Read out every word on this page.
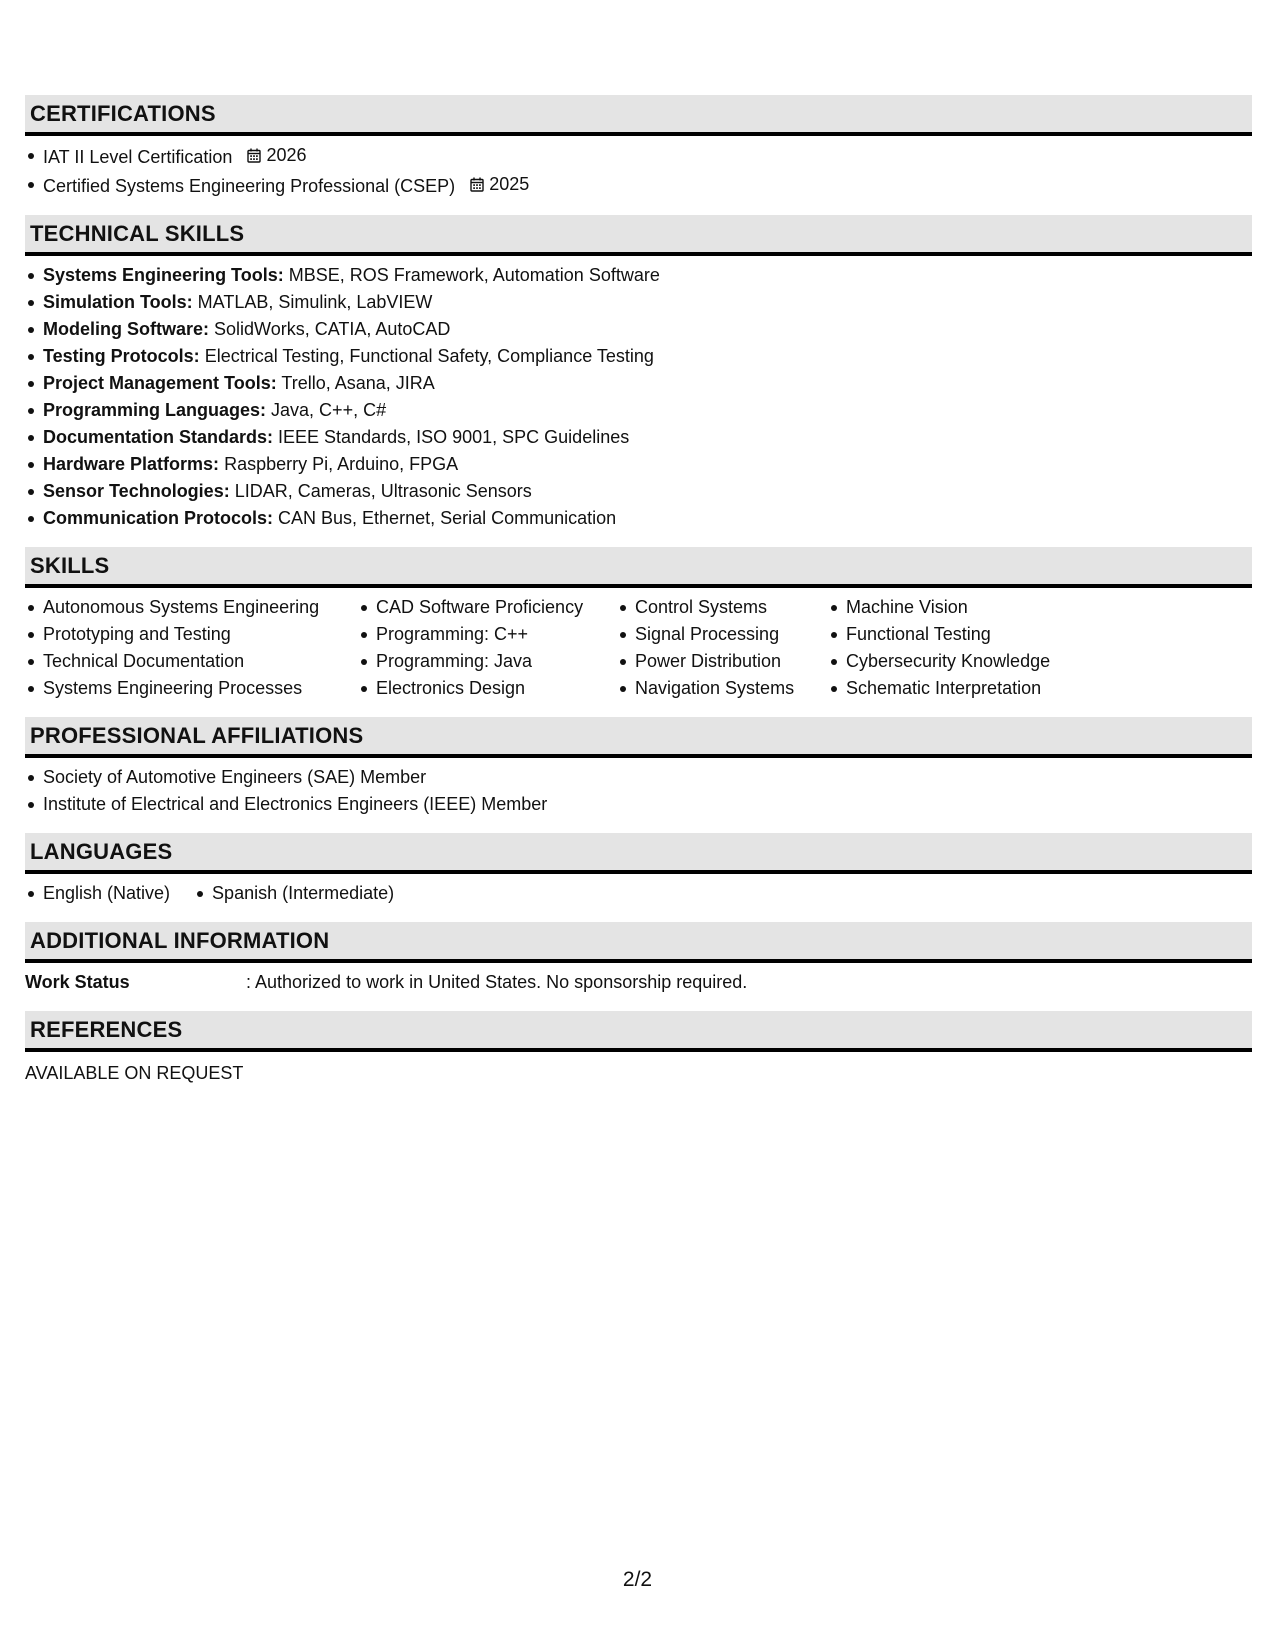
CERTIFICATIONS
IAT II Level Certification 2026
Certified Systems Engineering Professional (CSEP) 2025
TECHNICAL SKILLS
Systems Engineering Tools: MBSE, ROS Framework, Automation Software
Simulation Tools: MATLAB, Simulink, LabVIEW
Modeling Software: SolidWorks, CATIA, AutoCAD
Testing Protocols: Electrical Testing, Functional Safety, Compliance Testing
Project Management Tools: Trello, Asana, JIRA
Programming Languages: Java, C++, C#
Documentation Standards: IEEE Standards, ISO 9001, SPC Guidelines
Hardware Platforms: Raspberry Pi, Arduino, FPGA
Sensor Technologies: LIDAR, Cameras, Ultrasonic Sensors
Communication Protocols: CAN Bus, Ethernet, Serial Communication
SKILLS
Autonomous Systems Engineering
Prototyping and Testing
Technical Documentation
Systems Engineering Processes
CAD Software Proficiency
Programming: C++
Programming: Java
Electronics Design
Control Systems
Signal Processing
Power Distribution
Navigation Systems
Machine Vision
Functional Testing
Cybersecurity Knowledge
Schematic Interpretation
PROFESSIONAL AFFILIATIONS
Society of Automotive Engineers (SAE) Member
Institute of Electrical and Electronics Engineers (IEEE) Member
LANGUAGES
English (Native)	Spanish (Intermediate)
ADDITIONAL INFORMATION
Work Status	: Authorized to work in United States. No sponsorship required.
REFERENCES
AVAILABLE ON REQUEST
2/2
